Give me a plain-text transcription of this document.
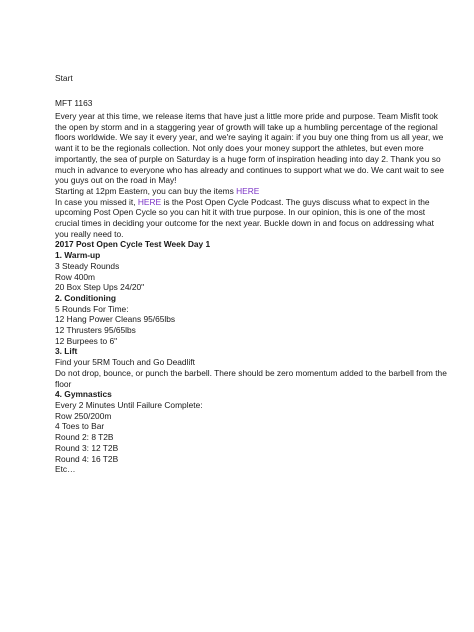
Start
MFT 1163
Every year at this time, we release items that have just a little more pride and purpose. Team Misfit took
the open by storm and in a staggering year of growth will take up a humbling percentage of the regional
floors worldwide. We say it every year, and we're saying it again: if you buy one thing from us all year, we
want it to be the regionals collection. Not only does your money support the athletes, but even more
importantly, the sea of purple on Saturday is a huge form of inspiration heading into day 2. Thank you so
much in advance to everyone who has already and continues to support what we do. We cant wait to see
you guys out on the road in May!
Starting at 12pm Eastern, you can buy the items HERE
In case you missed it, HERE is the Post Open Cycle Podcast. The guys discuss what to expect in the
upcoming Post Open Cycle so you can hit it with true purpose. In our opinion, this is one of the most
crucial times in deciding your outcome for the next year. Buckle down in and focus on addressing what
you really need to.
2017 Post Open Cycle Test Week Day 1
1. Warm-up
3 Steady Rounds
Row 400m
20 Box Step Ups 24/20"
2. Conditioning
5 Rounds For Time:
12 Hang Power Cleans 95/65lbs
12 Thrusters 95/65lbs
12 Burpees to 6"
3. Lift
Find your 5RM Touch and Go Deadlift
Do not drop, bounce, or punch the barbell. There should be zero momentum added to the barbell from the
floor
4. Gymnastics
Every 2 Minutes Until Failure Complete:
Row 250/200m
4 Toes to Bar
Round 2: 8 T2B
Round 3: 12 T2B
Round 4: 16 T2B
Etc…
